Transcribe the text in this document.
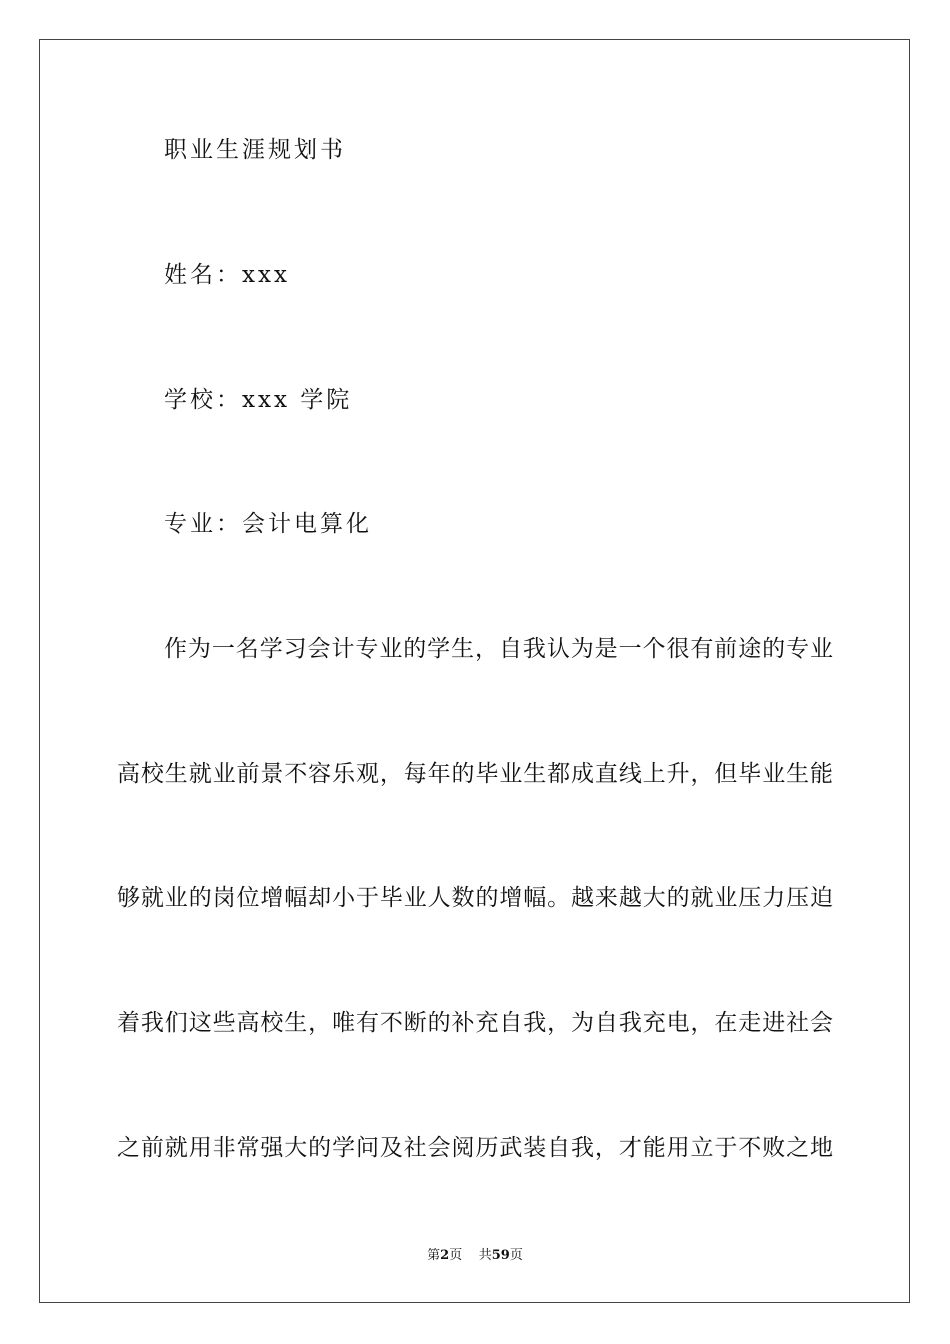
职业生涯规划书
姓名：xxx
学校：xxx 学院
专业：会计电算化
作为一名学习会计专业的学生，自我认为是一个很有前途的专业
高校生就业前景不容乐观，每年的毕业生都成直线上升，但毕业生能
够就业的岗位增幅却小于毕业人数的增幅。越来越大的就业压力压迫
着我们这些高校生，唯有不断的补充自我，为自我充电，在走进社会
之前就用非常强大的学问及社会阅历武装自我，才能用立于不败之地
第2页 共59页
